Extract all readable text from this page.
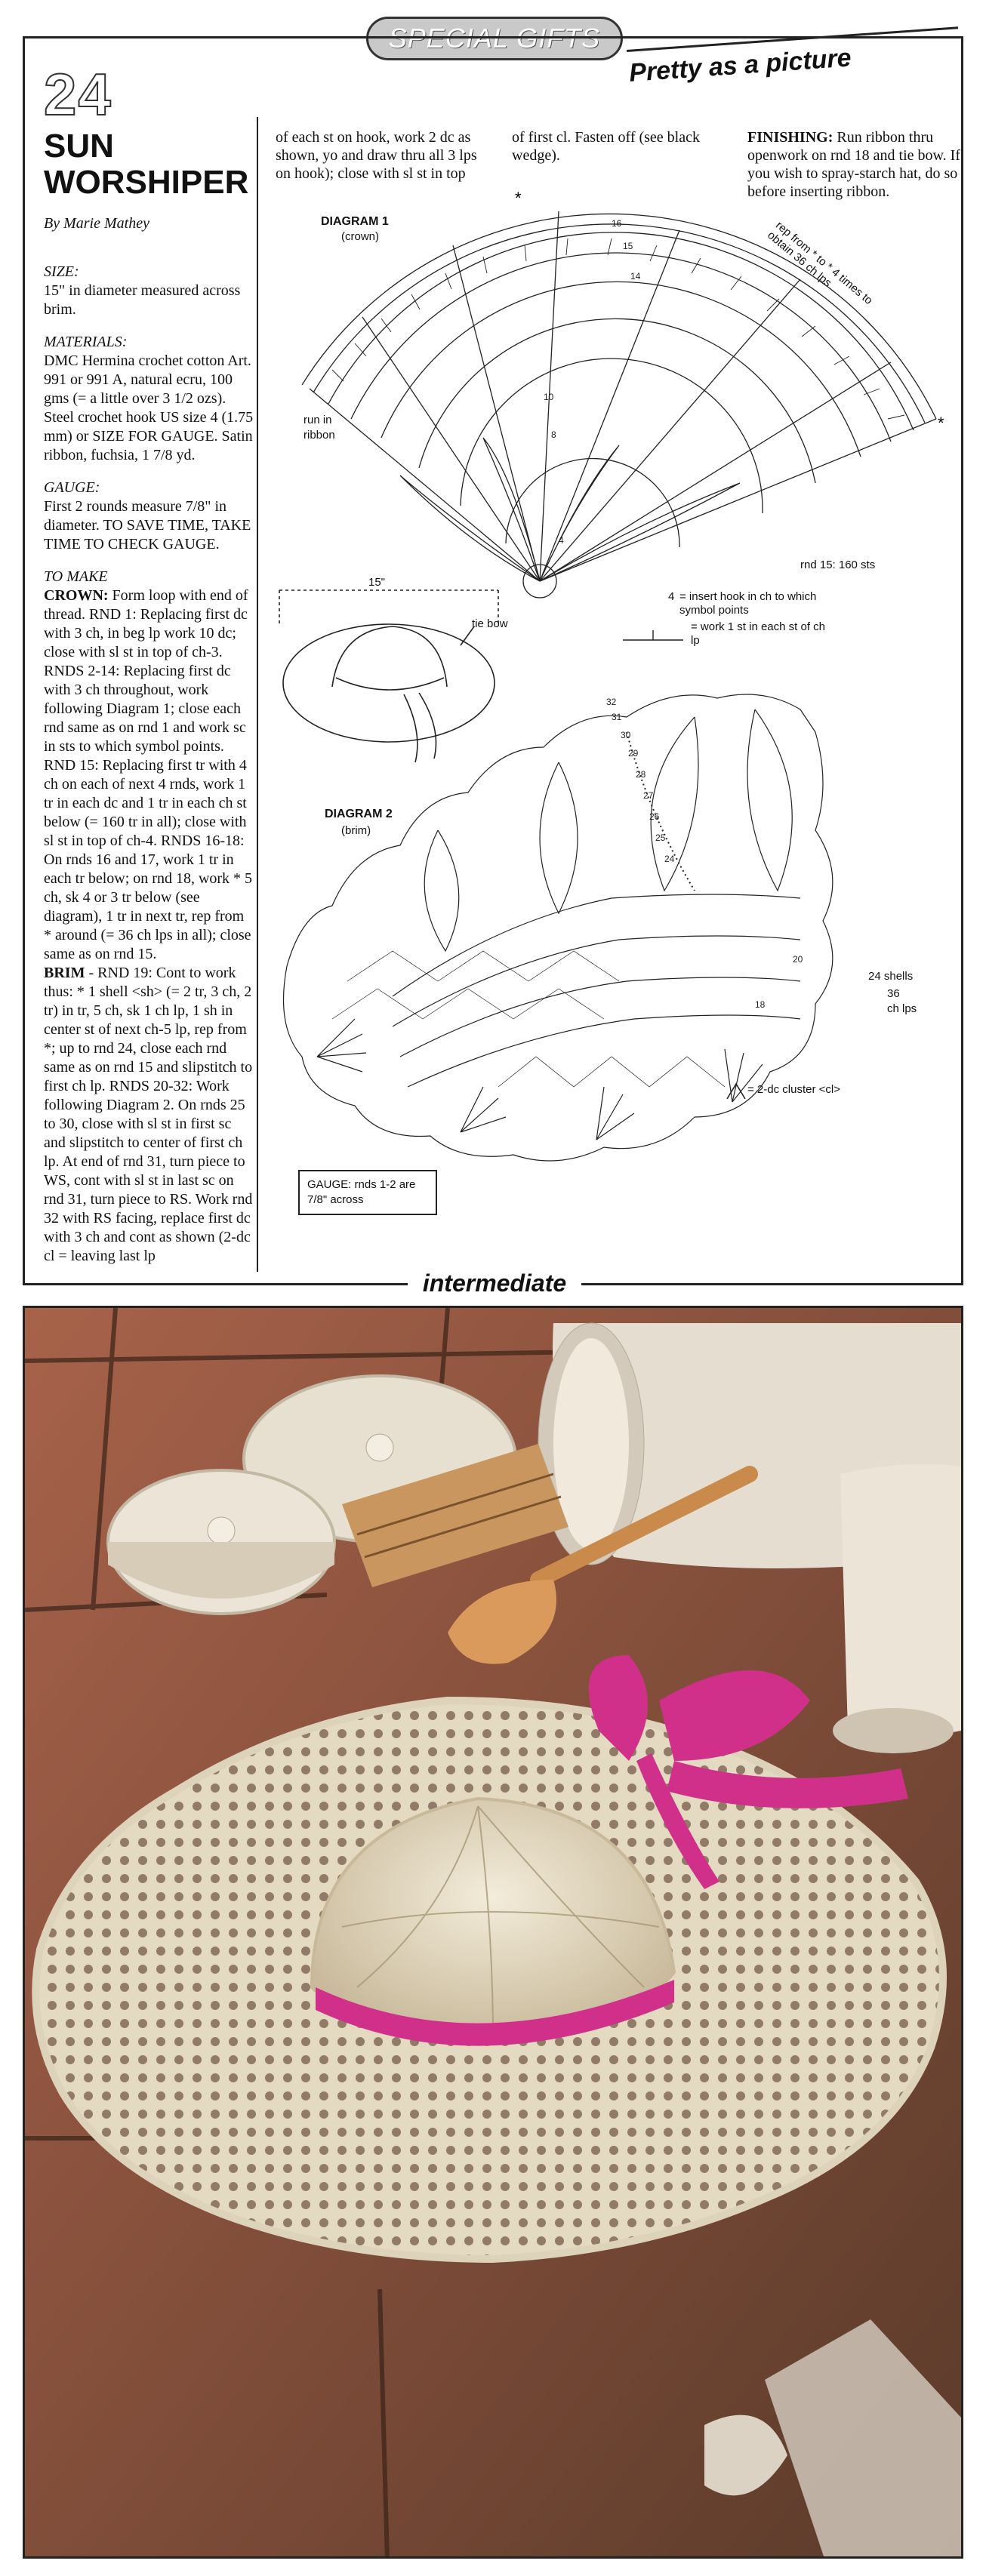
SPECIAL GIFTS
Pretty as a picture
24
SUN
WORSHIPER
By Marie Mathey
SIZE:

15" in diameter measured across brim.

MATERIALS:

DMC Hermina crochet cotton Art. 991 or 991 A, natural ecru, 100 gms (= a little over 3 1/2 ozs). Steel crochet hook US size 4 (1.75 mm) or SIZE FOR GAUGE. Satin ribbon, fuchsia, 1 7/8 yd.

GAUGE:

First 2 rounds measure 7/8" in diameter. TO SAVE TIME, TAKE TIME TO CHECK GAUGE.

TO MAKE

CROWN: Form loop with end of thread. RND 1: Replacing first dc with 3 ch, in beg lp work 10 dc; close with sl st in top of ch-3. RNDS 2-14: Replacing first dc with 3 ch throughout, work following Diagram 1; close each rnd same as on rnd 1 and work sc in sts to which symbol points. RND 15: Replacing first tr with 4 ch on each of next 4 rnds, work 1 tr in each dc and 1 tr in each ch st below (= 160 tr in all); close with sl st in top of ch-4. RNDS 16-18: On rnds 16 and 17, work 1 tr in each tr below; on rnd 18, work * 5 ch, sk 4 or 3 tr below (see diagram), 1 tr in next tr, rep from * around (= 36 ch lps in all); close same as on rnd 15.

BRIM - RND 19: Cont to work thus: * 1 shell <sh> (= 2 tr, 3 ch, 2 tr) in tr, 5 ch, sk 1 ch lp, 1 sh in center st of next ch-5 lp, rep from *; up to rnd 24, close each rnd same as on rnd 15 and slipstitch to first ch lp. RNDS 20-32: Work following Diagram 2. On rnds 25 to 30, close with sl st in first sc and slipstitch to center of first ch lp. At end of rnd 31, turn piece to WS, cont with sl st in last sc on rnd 31, turn piece to RS. Work rnd 32 with RS facing, replace first dc with 3 ch and cont as shown (2-dc cl = leaving last lp

of each st on hook, work 2 dc as shown, yo and draw thru all 3 lps on hook); close with sl st in top
of first cl. Fasten off (see black wedge).
FINISHING: Run ribbon thru openwork on rnd 18 and tie bow. If you wish to spray-starch hat, do so before inserting ribbon.
DIAGRAM 1
(crown)
run in
ribbon
rep from * to * 4 times to obtain 36 ch lps
rnd 15: 160 sts
*
*
16
15
14
10
8
4
15"
tie bow
4 = insert hook in ch to which symbol points
= work 1 st in each st of ch lp
DIAGRAM 2
(brim)
24 shells
36
ch lps
32
31
30
29
28
27
26
25
24
20
18
= 2-dc cluster <cl>
GAUGE: rnds 1-2 are 7/8" across
intermediate
